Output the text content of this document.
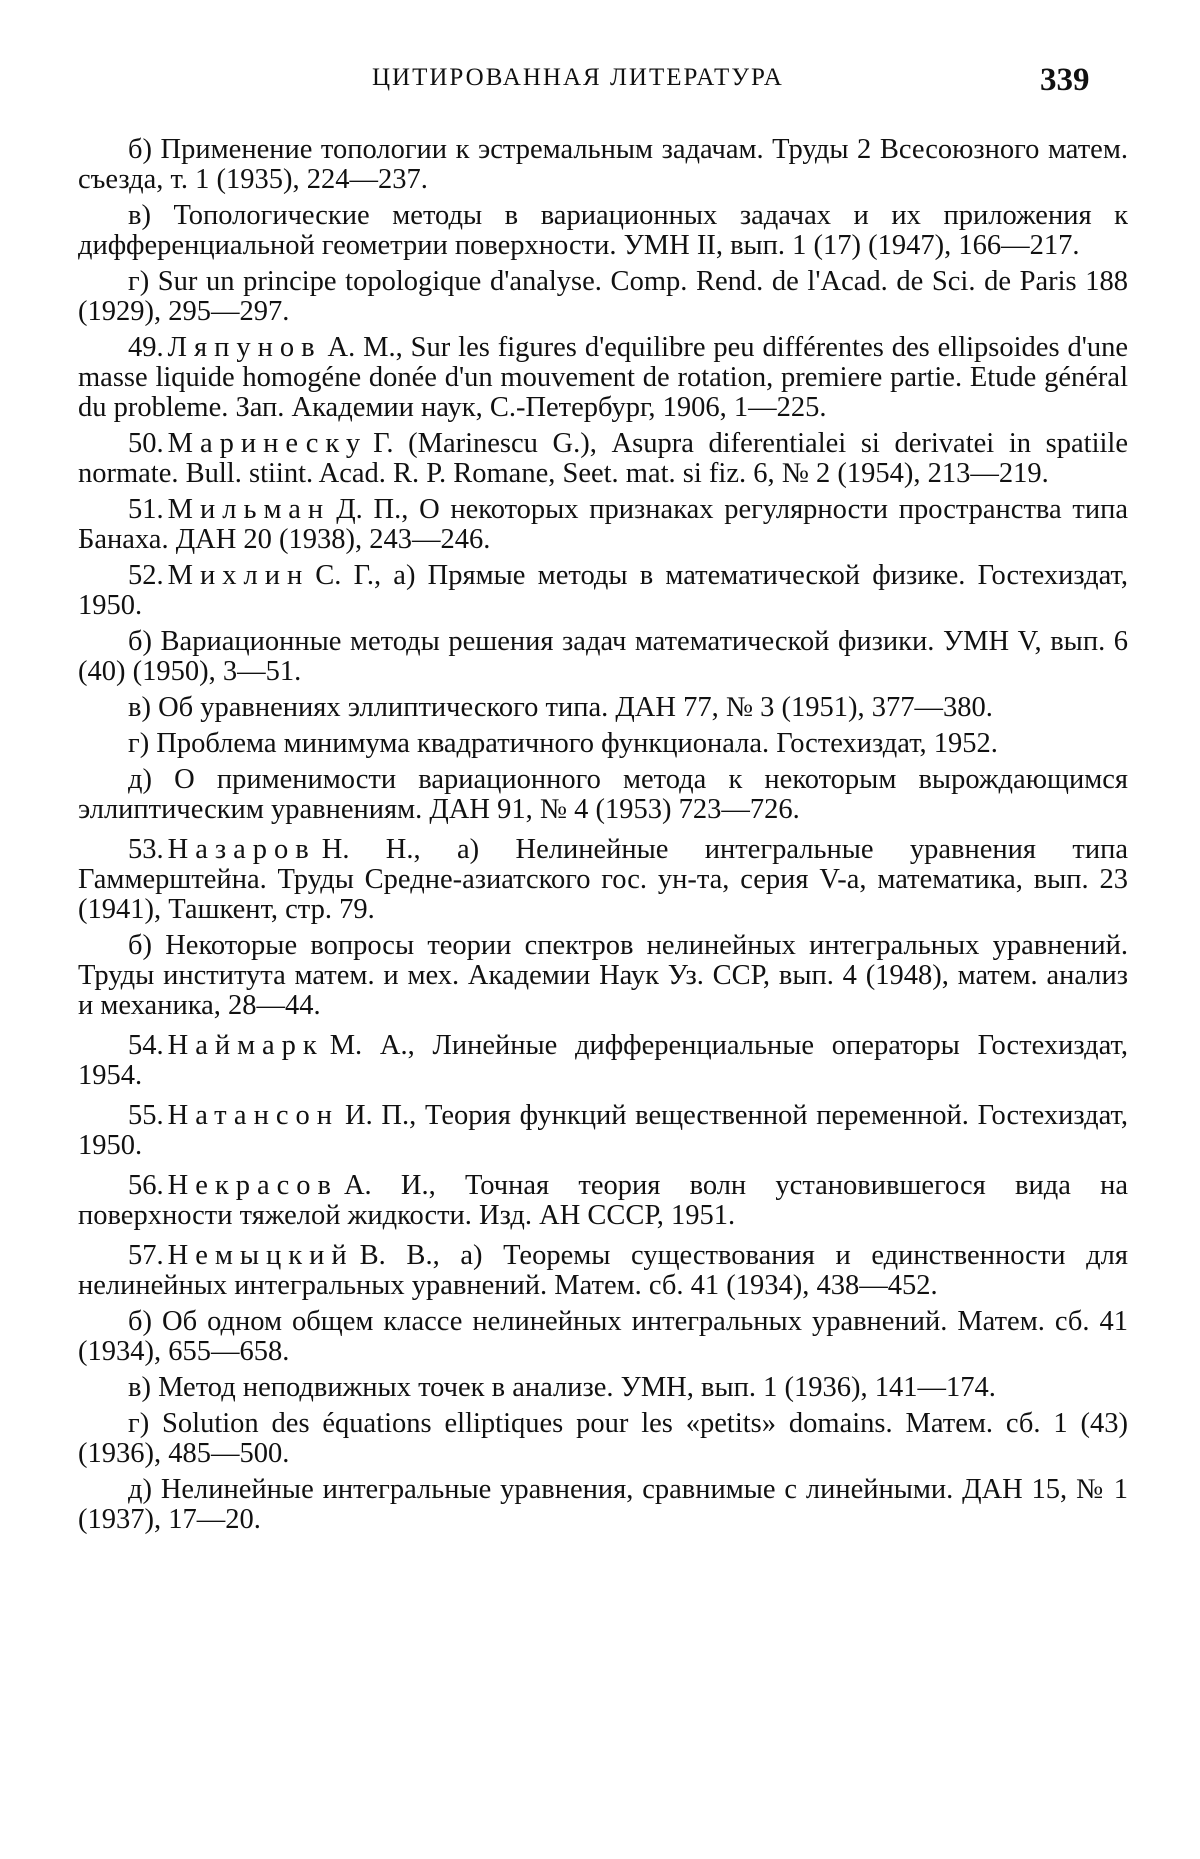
ЦИТИРОВАННАЯ ЛИТЕРАТУРА	339

б) Применение топологии к эстремальным задачам. Труды 2 Всесоюзного матем. съезда, т. 1 (1935), 224—237.

в) Топологические методы в вариационных задачах и их приложения к дифференциальной геометрии поверхности. УМН II, вып. 1 (17) (1947), 166—217.

г) Sur un principe topologique d'analyse. Comp. Rend. de l'Acad. de Sci. de Paris 188 (1929), 295—297.

49. Ляпунов А. М., Sur les figures d'equilibre peu différentes des ellipsoides d'une masse liquide homogéne donée d'un mouvement de rotation, premiere partie. Etude général du probleme. Зап. Академии наук, С.-Петербург, 1906, 1—225.

50. Маринеску Г. (Marinescu G.), Asupra diferentialei si derivatei in spatiile normate. Bull. stiint. Acad. R. P. Romane, Seet. mat. si fiz. 6, № 2 (1954), 213—219.

51. Мильман Д. П., О некоторых признаках регулярности пространства типа Банаха. ДАН 20 (1938), 243—246.

52. Михлин С. Г., а) Прямые методы в математической физике. Гостехиздат, 1950.

б) Вариационные методы решения задач математической физики. УМН V, вып. 6 (40) (1950), 3—51.

в) Об уравнениях эллиптического типа. ДАН 77, № 3 (1951), 377—380.

г) Проблема минимума квадратичного функционала. Гостехиздат, 1952.

д) О применимости вариационного метода к некоторым вырождающимся эллиптическим уравнениям. ДАН 91, № 4 (1953) 723—726.

53. Назаров Н. Н., а) Нелинейные интегральные уравнения типа Гаммерштейна. Труды Средне-азиатского гос. ун-та, серия V-а, математика, вып. 23 (1941), Ташкент, стр. 79.

б) Некоторые вопросы теории спектров нелинейных интегральных уравнений. Труды института матем. и мех. Академии Наук Уз. ССР, вып. 4 (1948), матем. анализ и механика, 28—44.

54. Наймарк М. А., Линейные дифференциальные операторы Гостехиздат, 1954.

55. Натансон И. П., Теория функций вещественной переменной. Гостехиздат, 1950.

56. Некрасов А. И., Точная теория волн установившегося вида на поверхности тяжелой жидкости. Изд. АН СССР, 1951.

57. Немыцкий В. В., а) Теоремы существования и единственности для нелинейных интегральных уравнений. Матем. сб. 41 (1934), 438—452.

б) Об одном общем классе нелинейных интегральных уравнений. Матем. сб. 41 (1934), 655—658.

в) Метод неподвижных точек в анализе. УМН, вып. 1 (1936), 141—174.

г) Solution des équations elliptiques pour les «petits» domains. Матем. сб. 1 (43) (1936), 485—500.

д) Нелинейные интегральные уравнения, сравнимые с линейными. ДАН 15, № 1 (1937), 17—20.
